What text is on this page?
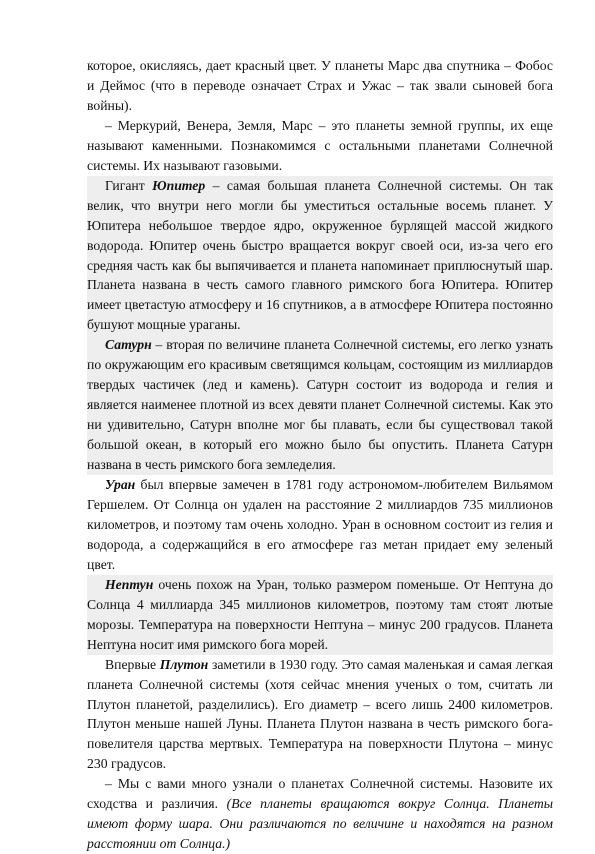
которое, окисляясь, дает красный цвет. У планеты Марс два спутника – Фобос и Деймос (что в переводе означает Страх и Ужас – так звали сыновей бога войны).

– Меркурий, Венера, Земля, Марс – это планеты земной группы, их еще называют каменными. Познакомимся с остальными планетами Солнечной системы. Их называют газовыми.

Гигант Юпитер – самая большая планета Солнечной системы. Он так велик, что внутри него могли бы уместиться остальные восемь планет. У Юпитера небольшое твердое ядро, окруженное бурлящей массой жидкого водорода. Юпитер очень быстро вращается вокруг своей оси, из-за чего его средняя часть как бы выпячивается и планета напоминает приплюснутый шар. Планета названа в честь самого главного римского бога Юпитера. Юпитер имеет цветастую атмосферу и 16 спутников, а в атмосфере Юпитера постоянно бушуют мощные ураганы.

Сатурн – вторая по величине планета Солнечной системы, его легко узнать по окружающим его красивым светящимся кольцам, состоящим из миллиардов твердых частичек (лед и камень). Сатурн состоит из водорода и гелия и является наименее плотной из всех девяти планет Солнечной системы. Как это ни удивительно, Сатурн вполне мог бы плавать, если бы существовал такой большой океан, в который его можно было бы опустить. Планета Сатурн названа в честь римского бога земледелия.

Уран был впервые замечен в 1781 году астрономом-любителем Вильямом Гершелем. От Солнца он удален на расстояние 2 миллиардов 735 миллионов километров, и поэтому там очень холодно. Уран в основном состоит из гелия и водорода, а содержащийся в его атмосфере газ метан придает ему зеленый цвет.

Нептун очень похож на Уран, только размером поменьше. От Нептуна до Солнца 4 миллиарда 345 миллионов километров, поэтому там стоят лютые морозы. Температура на поверхности Нептуна – минус 200 градусов. Планета Нептуна носит имя римского бога морей.

Впервые Плутон заметили в 1930 году. Это самая маленькая и самая легкая планета Солнечной системы (хотя сейчас мнения ученых о том, считать ли Плутон планетой, разделились). Его диаметр – всего лишь 2400 километров. Плутон меньше нашей Луны. Планета Плутон названа в честь римского бога-повелителя царства мертвых. Температура на поверхности Плутона – минус 230 градусов.

– Мы с вами много узнали о планетах Солнечной системы. Назовите их сходства и различия. (Все планеты вращаются вокруг Солнца. Планеты имеют форму шара. Они различаются по величине и находятся на разном расстоянии от Солнца.)
